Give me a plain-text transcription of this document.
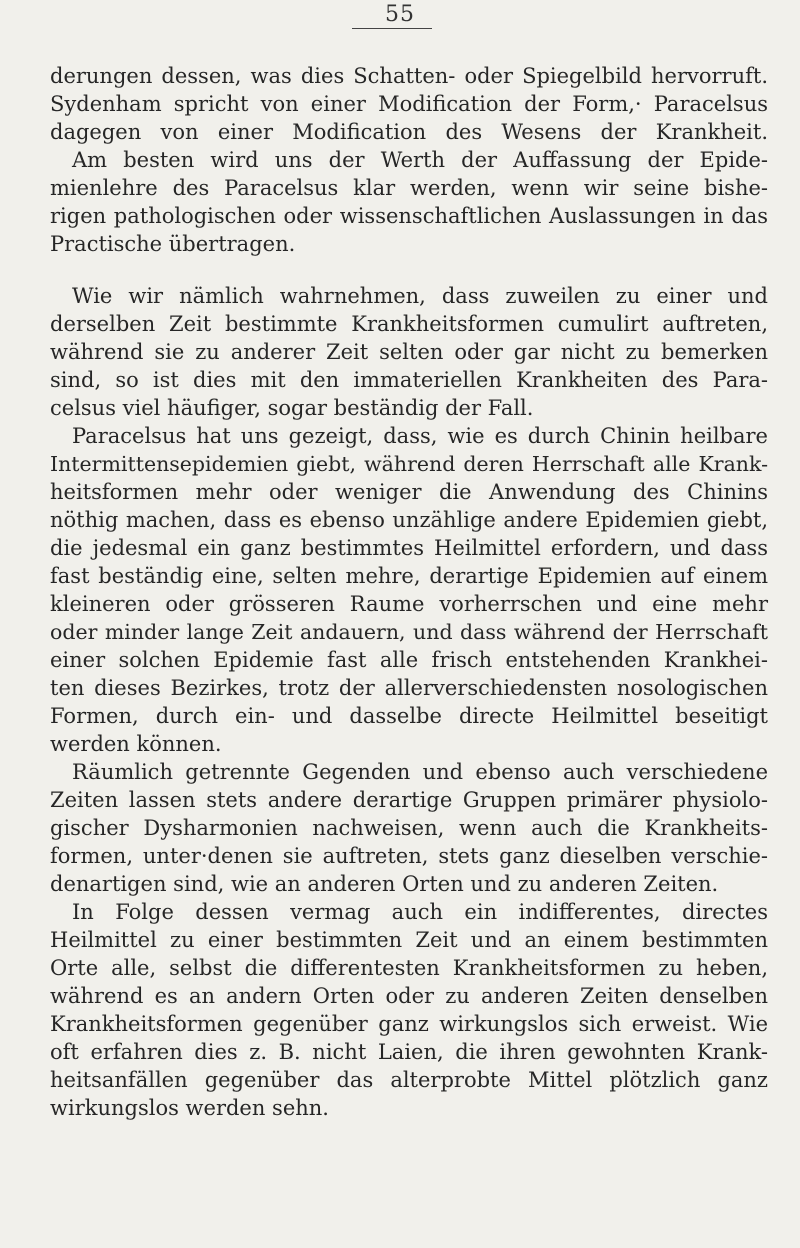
55
derungen dessen, was dies Schatten- oder Spiegelbild hervorruft.
Sydenham spricht von einer Modification der Form,· Paracelsus
dagegen von einer Modification des Wesens der Krankheit.
Am besten wird uns der Werth der Auffassung der Epide-
mienlehre des Paracelsus klar werden, wenn wir seine bishe-
rigen pathologischen oder wissenschaftlichen Auslassungen in das
Practische übertragen.
Wie wir nämlich wahrnehmen, dass zuweilen zu einer und
derselben Zeit bestimmte Krankheitsformen cumulirt auftreten,
während sie zu anderer Zeit selten oder gar nicht zu bemerken
sind, so ist dies mit den immateriellen Krankheiten des Para-
celsus viel häufiger, sogar beständig der Fall.
Paracelsus hat uns gezeigt, dass, wie es durch Chinin heilbare
Intermittensepidemien giebt, während deren Herrschaft alle Krank-
heitsformen mehr oder weniger die Anwendung des Chinins
nöthig machen, dass es ebenso unzählige andere Epidemien giebt,
die jedesmal ein ganz bestimmtes Heilmittel erfordern, und dass
fast beständig eine, selten mehre, derartige Epidemien auf einem
kleineren oder grösseren Raume vorherrschen und eine mehr
oder minder lange Zeit andauern, und dass während der Herrschaft
einer solchen Epidemie fast alle frisch entstehenden Krankhei-
ten dieses Bezirkes, trotz der allerverschiedensten nosologischen
Formen, durch ein- und dasselbe directe Heilmittel beseitigt
werden können.
Räumlich getrennte Gegenden und ebenso auch verschiedene
Zeiten lassen stets andere derartige Gruppen primärer physiolo-
gischer Dysharmonien nachweisen, wenn auch die Krankheits-
formen, unter·denen sie auftreten, stets ganz dieselben verschie-
denartigen sind, wie an anderen Orten und zu anderen Zeiten.
In Folge dessen vermag auch ein indifferentes, directes
Heilmittel zu einer bestimmten Zeit und an einem bestimmten
Orte alle, selbst die differentesten Krankheitsformen zu heben,
während es an andern Orten oder zu anderen Zeiten denselben
Krankheitsformen gegenüber ganz wirkungslos sich erweist. Wie
oft erfahren dies z. B. nicht Laien, die ihren gewohnten Krank-
heitsanfällen gegenüber das alterprobte Mittel plötzlich ganz
wirkungslos werden sehn.
